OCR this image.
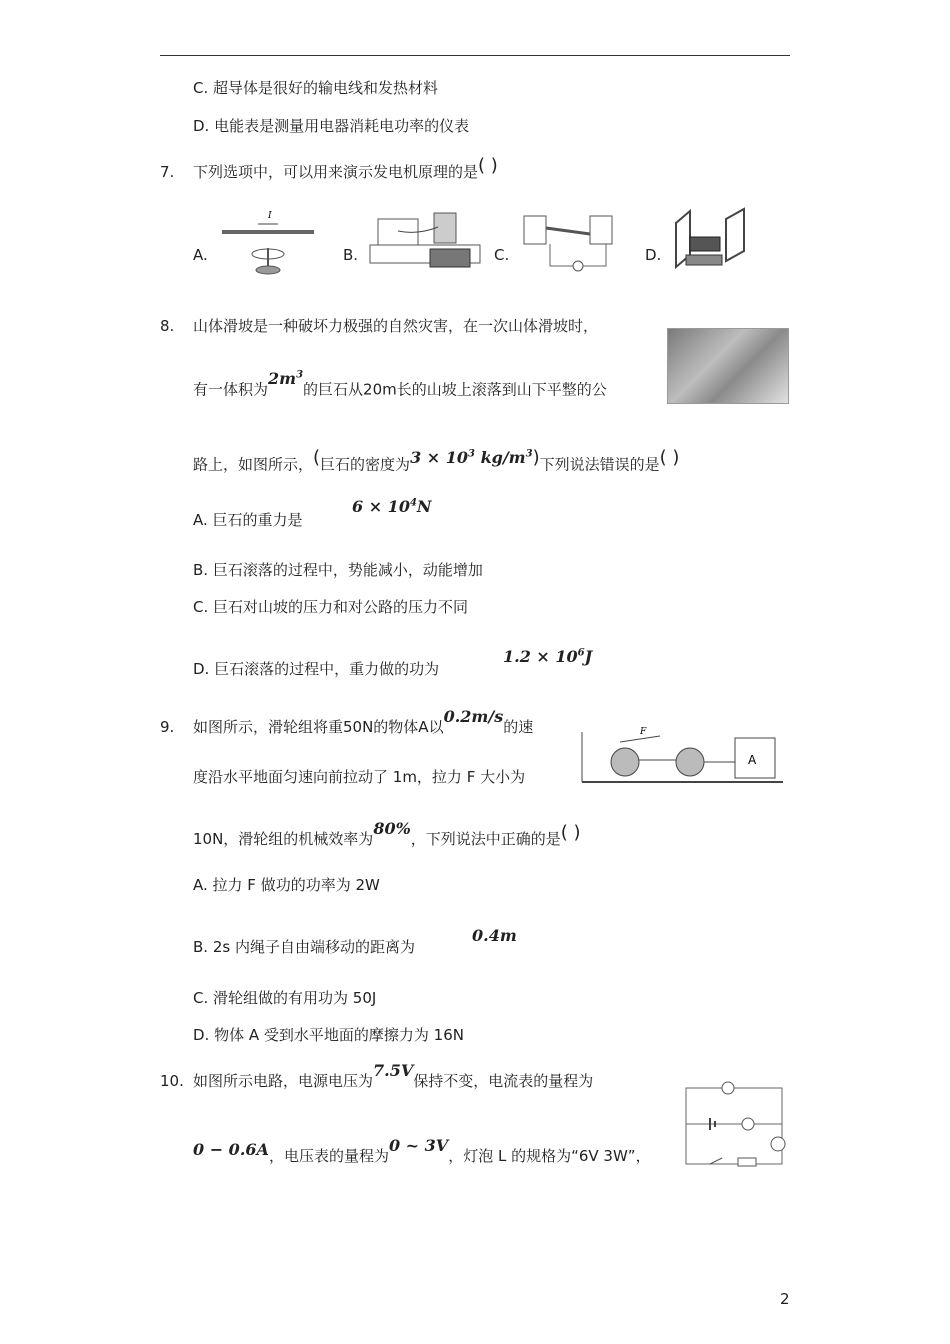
C. 超导体是很好的输电线和发热材料
D. 电能表是测量用电器消耗电功率的仪表
7. 下列选项中，可以用来演示发电机原理的是( )
A.
I
B.	C.	D.
8. 山体滑坡是一种破坏力极强的自然灾害，在一次山体滑坡时，
有一体积为$2m^3$的巨石从20m长的山坡上滚落到山下平整的公
路上，如图所示，(巨石的密度为$3 \times 10^3$ $kg/m^3$)下列说法错误的是( )
A. 巨石的重力是
$6 \times 10^4N$
B. 巨石滚落的过程中，势能减小，动能增加
C. 巨石对山坡的压力和对公路的压力不同
D. 巨石滚落的过程中，重力做的功为
$1.2 \times 10^6J$
9. 如图所示，滑轮组将重50N的物体A以0.2m/s的速	F
A
度沿水平地面匀速向前拉动了 1m，拉力 F 大小为
10N，滑轮组的机械效率为80%，下列说法中正确的是( )
A. 拉力 F 做功的功率为 2W
B. 2s 内绳子自由端移动的距离为
0.4m
C. 滑轮组做的有用功为 50J
D. 物体 A 受到水平地面的摩擦力为 16N
10. 如图所示电路，电源电压为7.5V保持不变，电流表的量程为
0 − 0.6A，电压表的量程为0 ~ 3V，灯泡 L 的规格为“6V 3W”，
2
